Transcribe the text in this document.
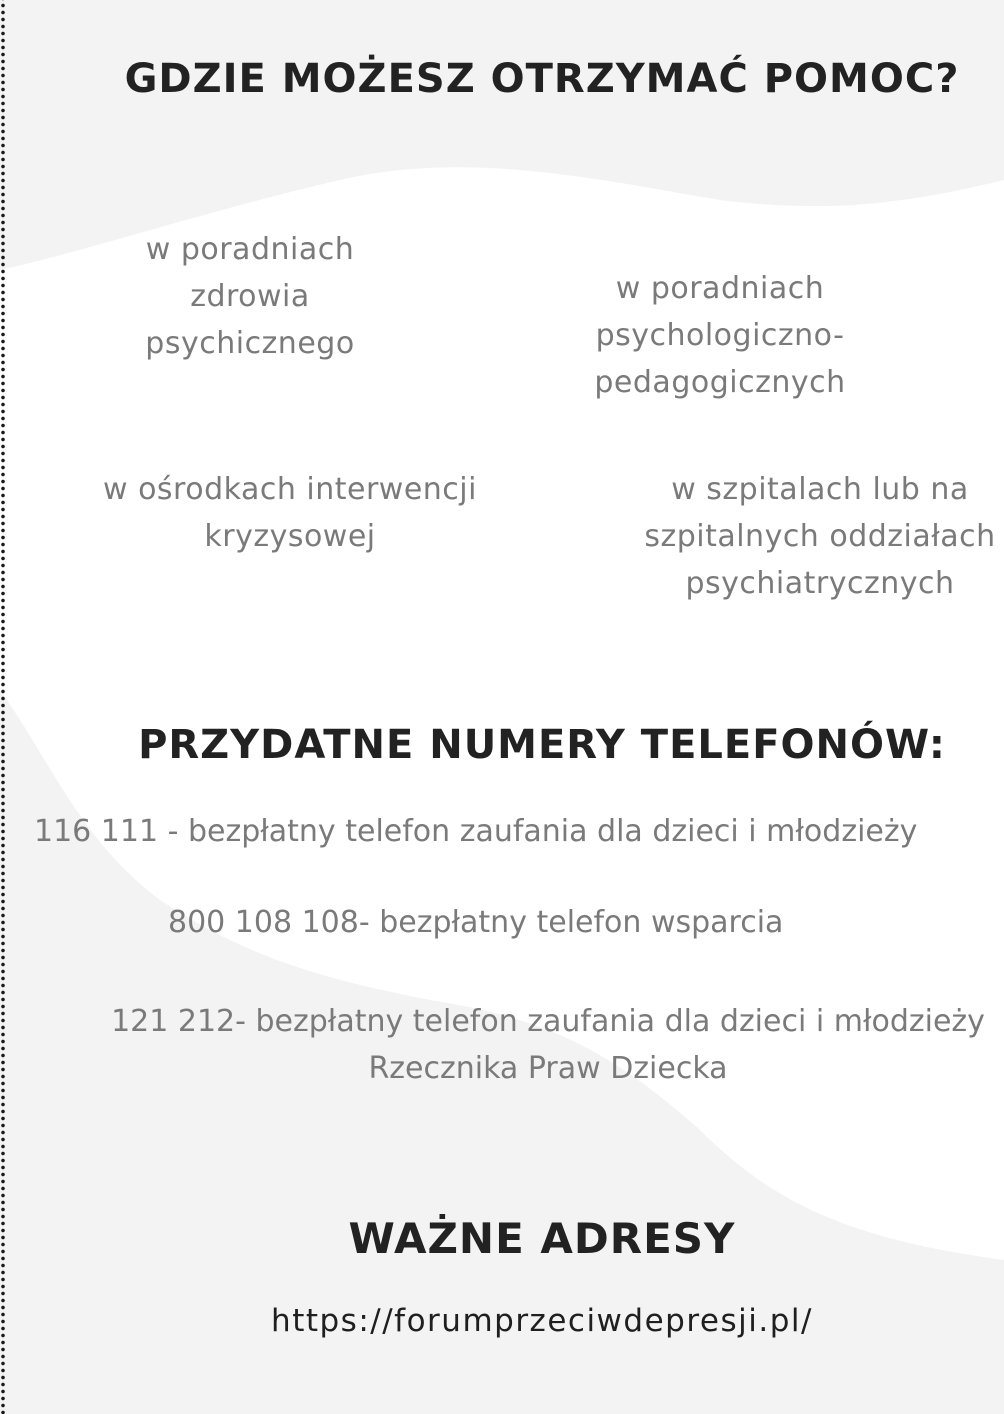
GDZIE MOŻESZ OTRZYMAĆ POMOC?
w poradniach
zdrowia
psychicznego
w poradniach
psychologiczno-
pedagogicznych
w ośrodkach interwencji
kryzysowej
w szpitalach lub na
szpitalnych oddziałach
psychiatrycznych
PRZYDATNE NUMERY TELEFONÓW:
116 111 - bezpłatny telefon zaufania dla dzieci i młodzieży
800 108 108- bezpłatny telefon wsparcia
121 212- bezpłatny telefon zaufania dla dzieci i młodzieży
Rzecznika Praw Dziecka
WAŻNE ADRESY
https://forumprzeciwdepresji.pl/
